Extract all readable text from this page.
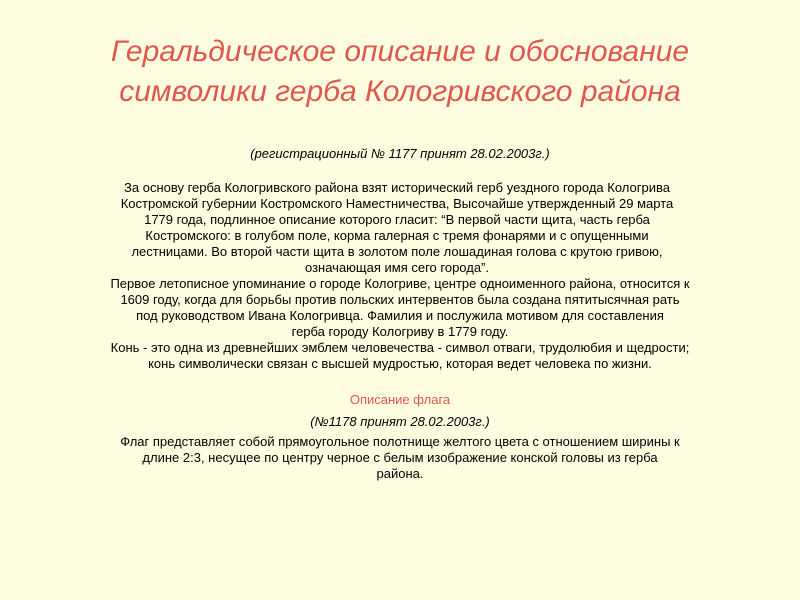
Геральдическое описание и обоснование
символики герба Кологривского района
(регистрационный № 1177 принят 28.02.2003г.)

За основу герба Кологривского района взят исторический герб уездного города Кологрива
Костромской губернии Костромского Наместничества, Высочайше утвержденный 29 марта
1779 года, подлинное описание которого гласит: “В первой части щита, часть герба
Костромского: в голубом поле, корма галерная с тремя фонарями и с опущенными
лестницами. Во второй части щита в золотом поле лошадиная голова с крутою гривою,
означающая имя сего города”.

Первое летописное упоминание о городе Кологриве, центре одноименного района, относится к
1609 году, когда для борьбы против польских интервентов была создана пятитысячная рать
под руководством Ивана Кологривца. Фамилия и послужила мотивом для составления
герба городу Кологриву в 1779 году.

Конь - это одна из древнейших эмблем человечества - символ отваги, трудолюбия и щедрости;
конь символически связан с высшей мудростью, которая ведет человека по жизни.

Описание флага

(№1178 принят 28.02.2003г.)

Флаг представляет собой прямоугольное полотнище желтого цвета с отношением ширины к
длине 2:3, несущее по центру черное с белым изображение конской головы из герба
района.
